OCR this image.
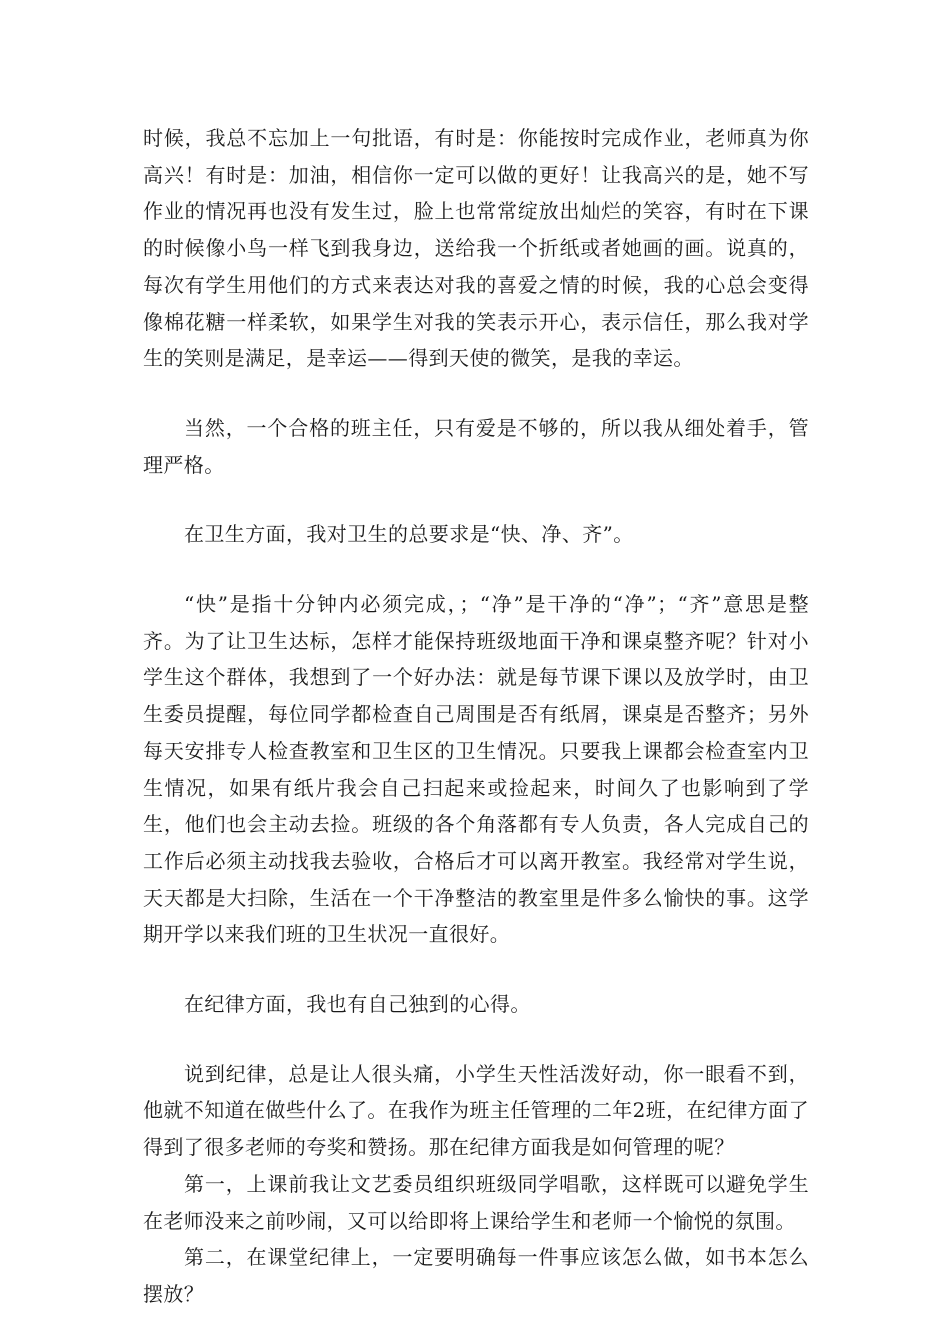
时候，我总不忘加上一句批语，有时是：你能按时完成作业，老师真为你高兴！有时是：加油，相信你一定可以做的更好！让我高兴的是，她不写作业的情况再也没有发生过，脸上也常常绽放出灿烂的笑容，有时在下课的时候像小鸟一样飞到我身边，送给我一个折纸或者她画的画。说真的，每次有学生用他们的方式来表达对我的喜爱之情的时候，我的心总会变得像棉花糖一样柔软，如果学生对我的笑表示开心，表示信任，那么我对学生的笑则是满足，是幸运——得到天使的微笑，是我的幸运。

当然，一个合格的班主任，只有爱是不够的，所以我从细处着手，管理严格。

在卫生方面，我对卫生的总要求是“快、净、齐”。

“快”是指十分钟内必须完成，；“净”是干净的“净”；“齐”意思是整齐。为了让卫生达标，怎样才能保持班级地面干净和课桌整齐呢？针对小学生这个群体，我想到了一个好办法：就是每节课下课以及放学时，由卫生委员提醒，每位同学都检查自己周围是否有纸屑，课桌是否整齐；另外每天安排专人检查教室和卫生区的卫生情况。只要我上课都会检查室内卫生情况，如果有纸片我会自己扫起来或捡起来，时间久了也影响到了学生，他们也会主动去捡。班级的各个角落都有专人负责，各人完成自己的工作后必须主动找我去验收，合格后才可以离开教室。我经常对学生说，天天都是大扫除，生活在一个干净整洁的教室里是件多么愉快的事。这学期开学以来我们班的卫生状况一直很好。

在纪律方面，我也有自己独到的心得。

说到纪律，总是让人很头痛，小学生天性活泼好动，你一眼看不到，他就不知道在做些什么了。在我作为班主任管理的二年2班，在纪律方面了得到了很多老师的夸奖和赞扬。那在纪律方面我是如何管理的呢？

第一，上课前我让文艺委员组织班级同学唱歌，这样既可以避免学生在老师没来之前吵闹，又可以给即将上课给学生和老师一个愉悦的氛围。

第二，在课堂纪律上，一定要明确每一件事应该怎么做，如书本怎么摆放？
